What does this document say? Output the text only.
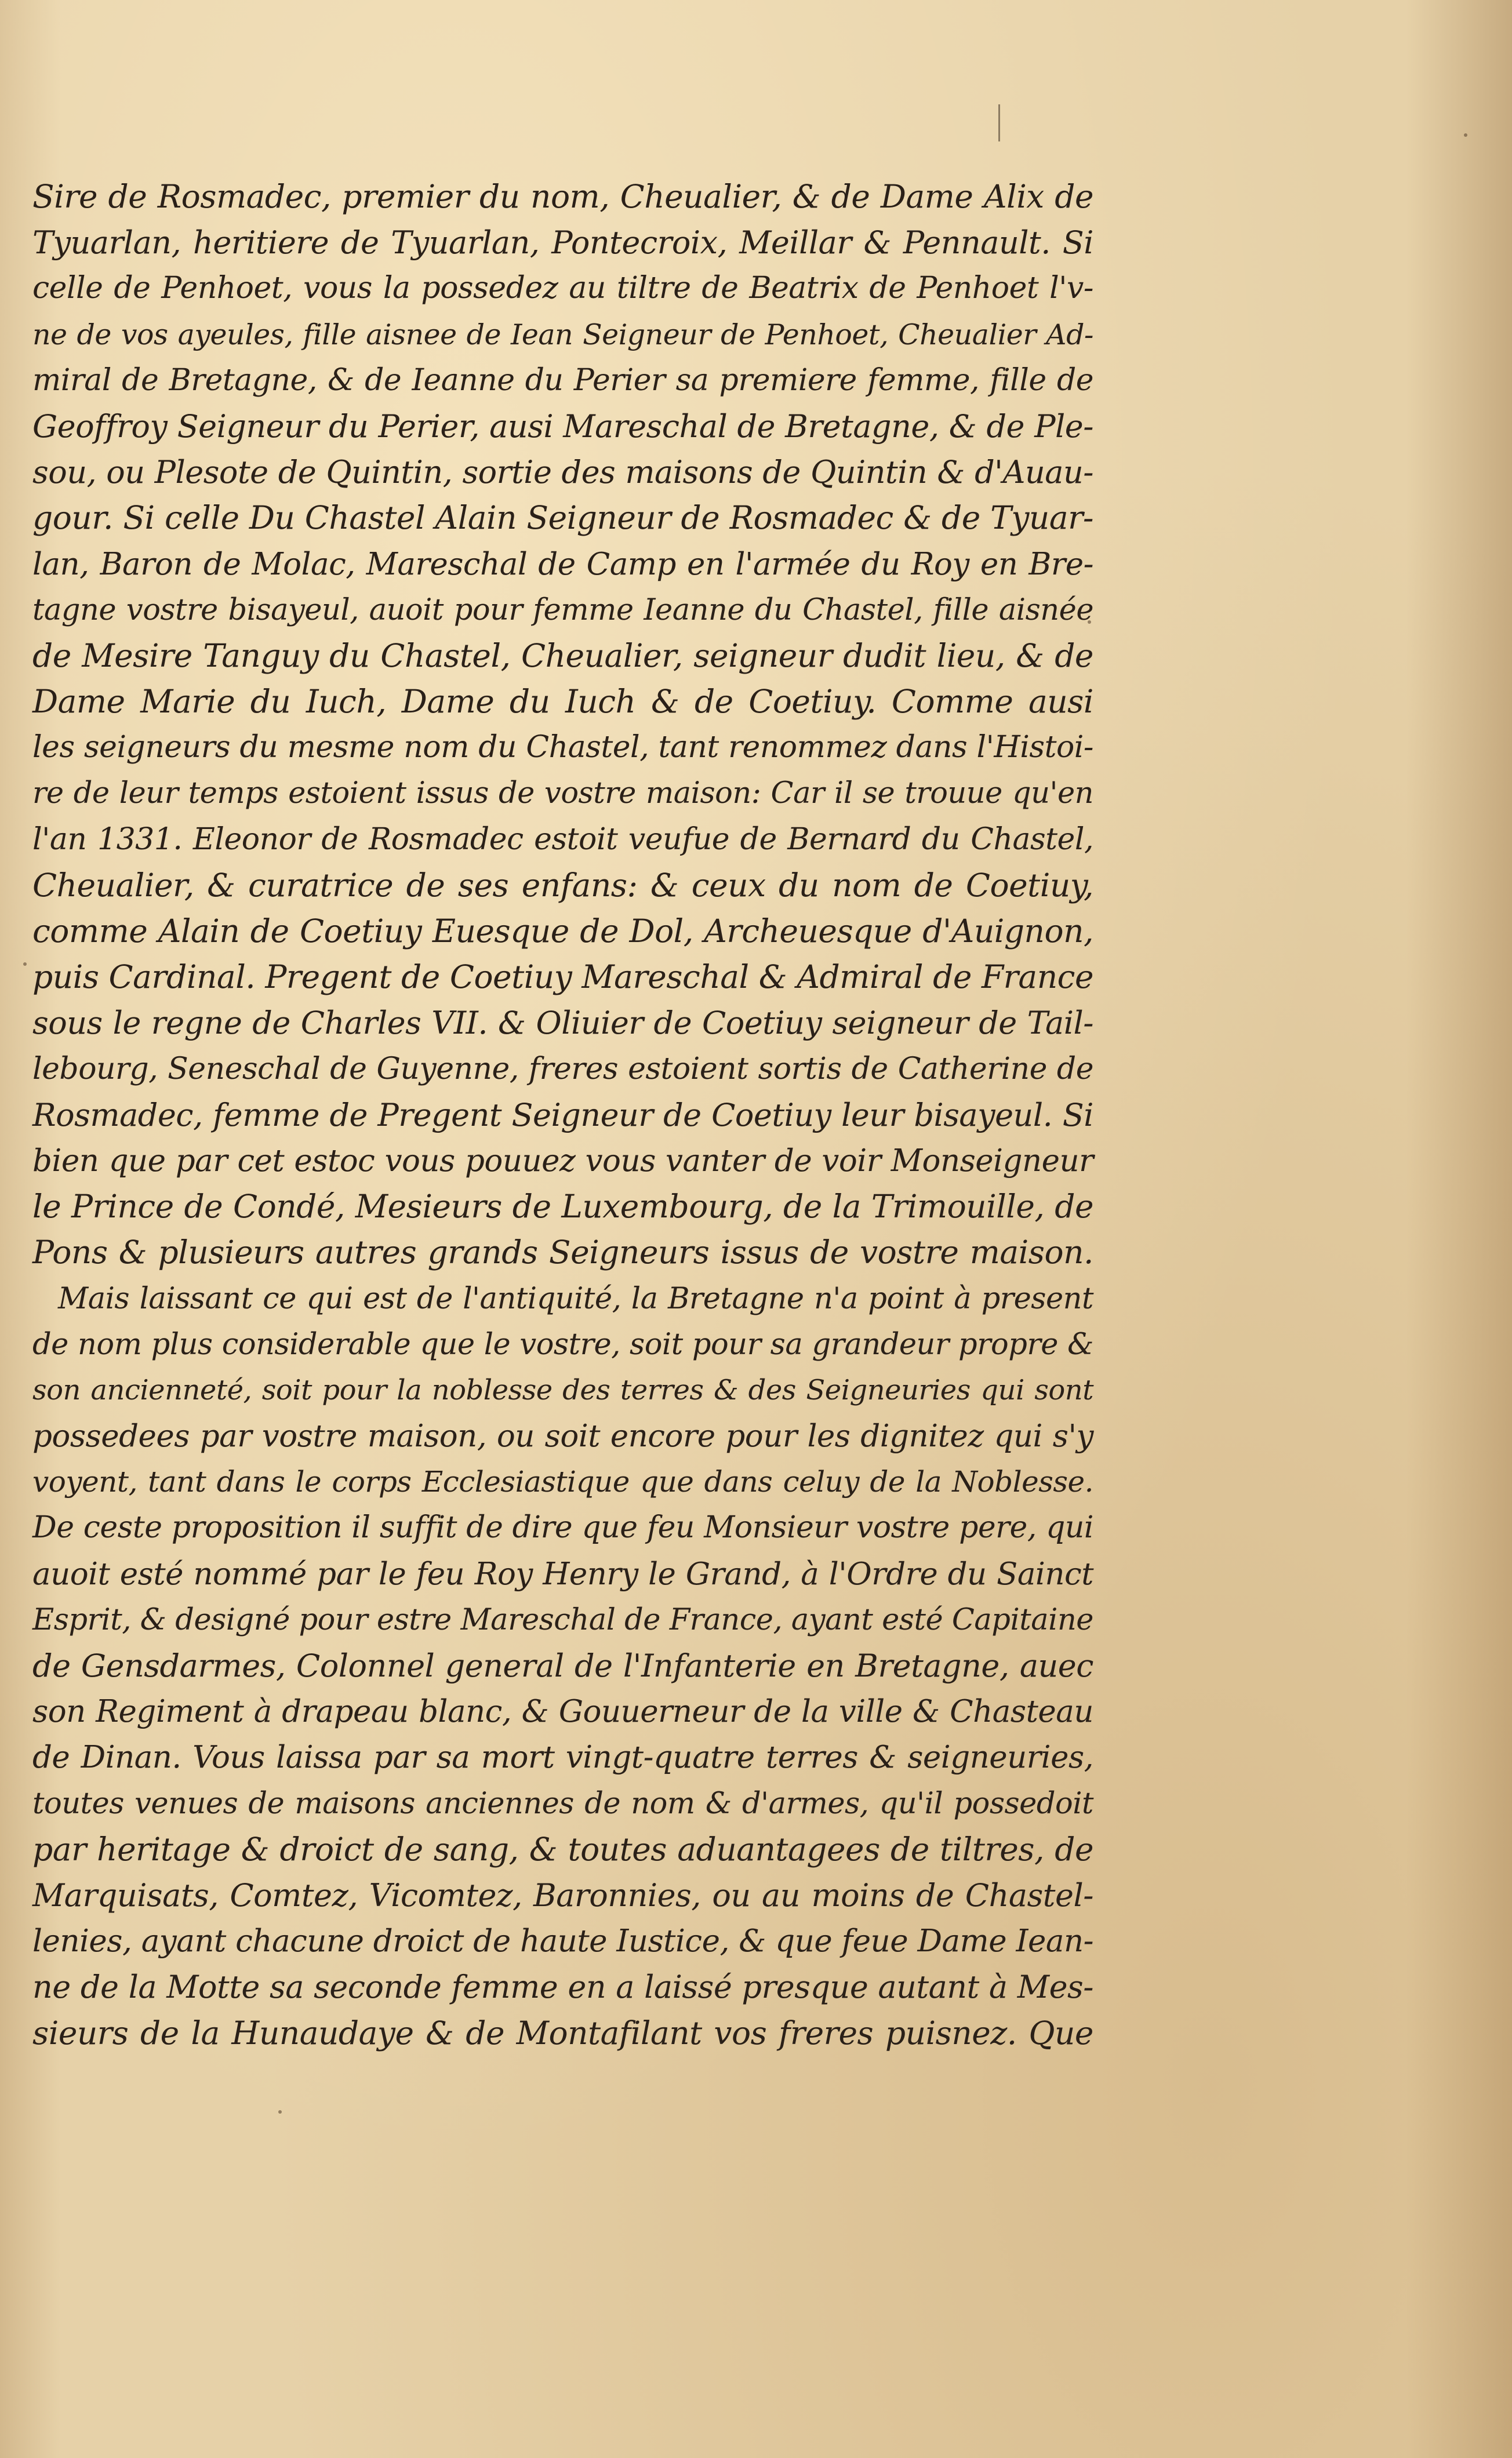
Sire de Rosmadec, premier du nom, Cheualier, & de Dame Alix de
Tyuarlan, heritiere de Tyuarlan, Pontecroix, Meillar & Pennault. Si
celle de Penhoet, vous la possedez au tiltre de Beatrix de Penhoet l'v-
ne de vos ayeules, fille aisnee de Iean Seigneur de Penhoet, Cheualier Ad-
miral de Bretagne, & de Ieanne du Perier sa premiere femme, fille de
Geoffroy Seigneur du Perier, ausi Mareschal de Bretagne, & de Ple-
sou, ou Plesote de Quintin, sortie des maisons de Quintin & d'Auau-
gour. Si celle Du Chastel Alain Seigneur de Rosmadec & de Tyuar-
lan, Baron de Molac, Mareschal de Camp en l'armée du Roy en Bre-
tagne vostre bisayeul, auoit pour femme Ieanne du Chastel, fille aisnée
de Mesire Tanguy du Chastel, Cheualier, seigneur dudit lieu, & de
Dame Marie du Iuch, Dame du Iuch & de Coetiuy. Comme ausi
les seigneurs du mesme nom du Chastel, tant renommez dans l'Histoi-
re de leur temps estoient issus de vostre maison: Car il se trouue qu'en
l'an 1331. Eleonor de Rosmadec estoit veufue de Bernard du Chastel,
Cheualier, & curatrice de ses enfans: & ceux du nom de Coetiuy,
comme Alain de Coetiuy Euesque de Dol, Archeuesque d'Auignon,
puis Cardinal. Pregent de Coetiuy Mareschal & Admiral de France
sous le regne de Charles VII. & Oliuier de Coetiuy seigneur de Tail-
lebourg, Seneschal de Guyenne, freres estoient sortis de Catherine de
Rosmadec, femme de Pregent Seigneur de Coetiuy leur bisayeul. Si
bien que par cet estoc vous pouuez vous vanter de voir Monseigneur
le Prince de Condé, Mesieurs de Luxembourg, de la Trimouille, de
Pons & plusieurs autres grands Seigneurs issus de vostre maison.
Mais laissant ce qui est de l'antiquité, la Bretagne n'a point à present
de nom plus considerable que le vostre, soit pour sa grandeur propre &
son ancienneté, soit pour la noblesse des terres & des Seigneuries qui sont
possedees par vostre maison, ou soit encore pour les dignitez qui s'y
voyent, tant dans le corps Ecclesiastique que dans celuy de la Noblesse.
De ceste proposition il suffit de dire que feu Monsieur vostre pere, qui
auoit esté nommé par le feu Roy Henry le Grand, à l'Ordre du Sainct
Esprit, & designé pour estre Mareschal de France, ayant esté Capitaine
de Gensdarmes, Colonnel general de l'Infanterie en Bretagne, auec
son Regiment à drapeau blanc, & Gouuerneur de la ville & Chasteau
de Dinan. Vous laissa par sa mort vingt-quatre terres & seigneuries,
toutes venues de maisons anciennes de nom & d'armes, qu'il possedoit
par heritage & droict de sang, & toutes aduantagees de tiltres, de
Marquisats, Comtez, Vicomtez, Baronnies, ou au moins de Chastel-
lenies, ayant chacune droict de haute Iustice, & que feue Dame Iean-
ne de la Motte sa seconde femme en a laissé presque autant à Mes-
sieurs de la Hunaudaye & de Montafilant vos freres puisnez. Que
